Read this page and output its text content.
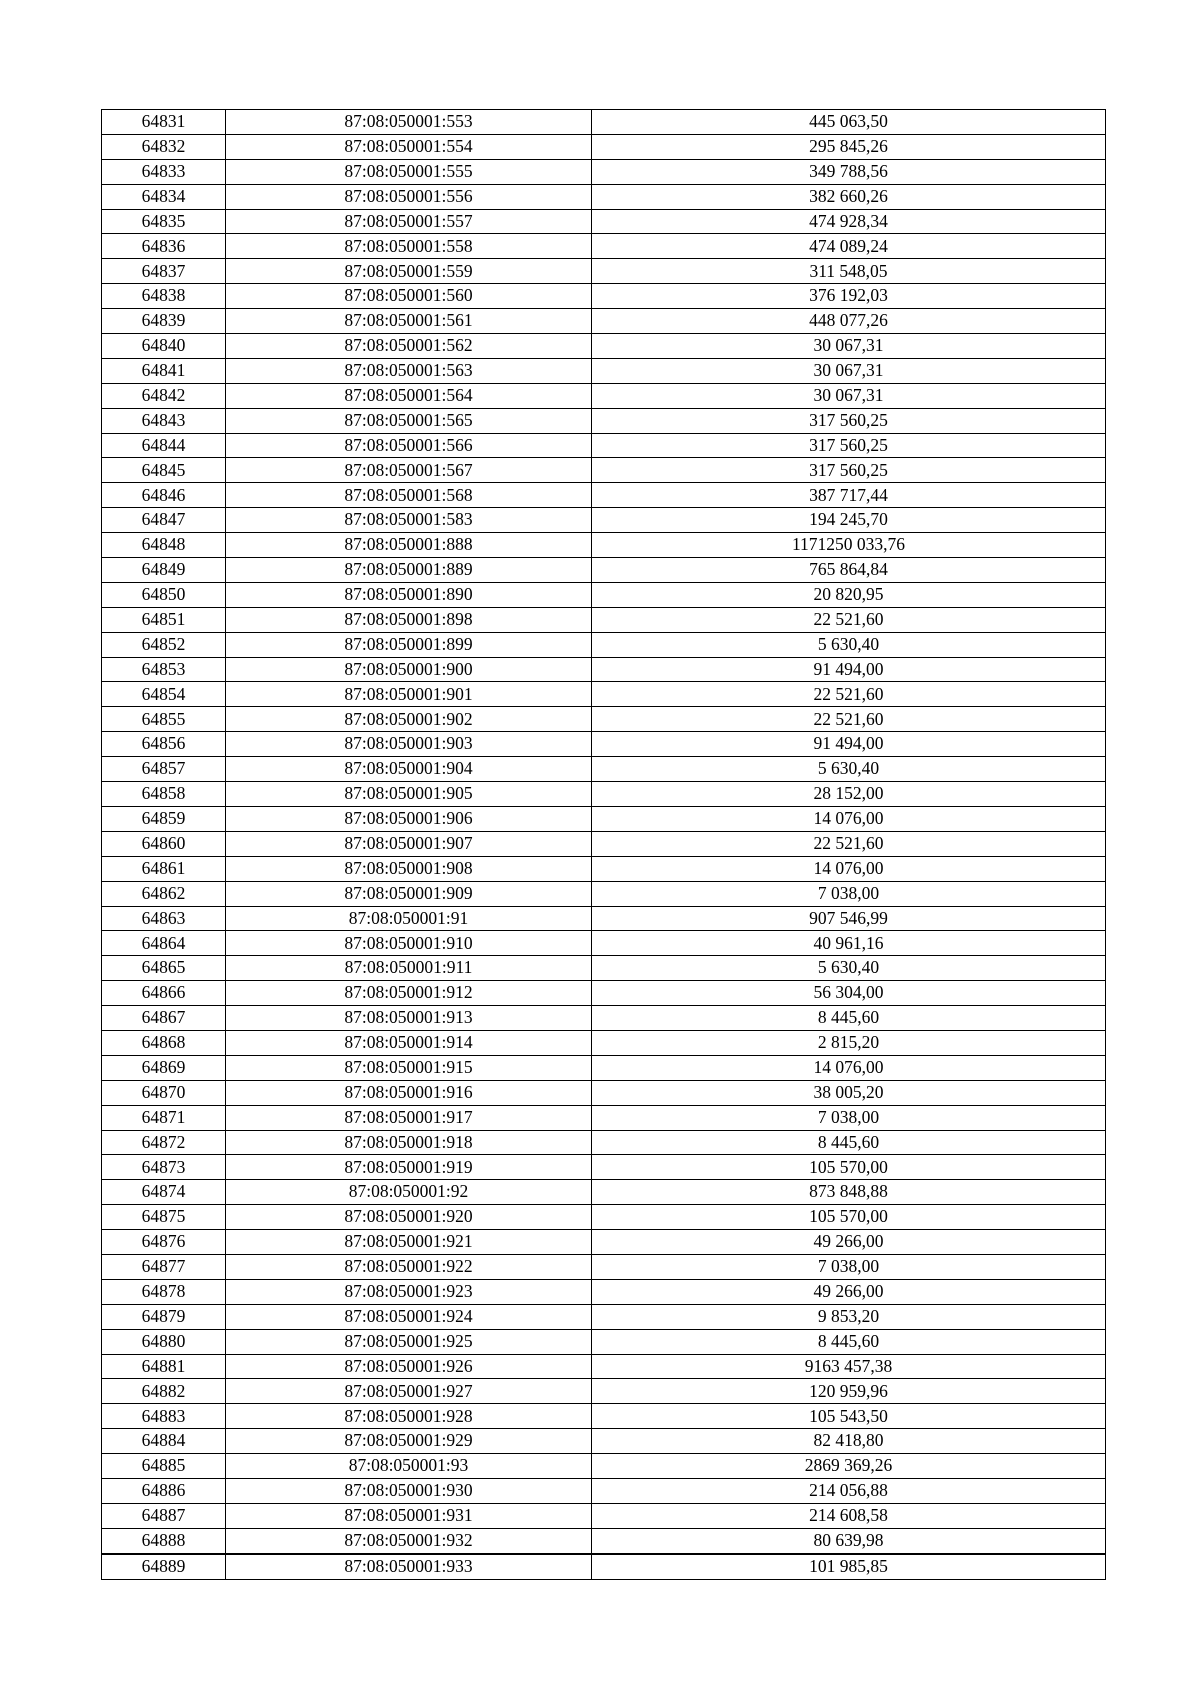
64831	87:08:050001:553	445 063,50
64832	87:08:050001:554	295 845,26
64833	87:08:050001:555	349 788,56
64834	87:08:050001:556	382 660,26
64835	87:08:050001:557	474 928,34
64836	87:08:050001:558	474 089,24
64837	87:08:050001:559	311 548,05
64838	87:08:050001:560	376 192,03
64839	87:08:050001:561	448 077,26
64840	87:08:050001:562	30 067,31
64841	87:08:050001:563	30 067,31
64842	87:08:050001:564	30 067,31
64843	87:08:050001:565	317 560,25
64844	87:08:050001:566	317 560,25
64845	87:08:050001:567	317 560,25
64846	87:08:050001:568	387 717,44
64847	87:08:050001:583	194 245,70
64848	87:08:050001:888	1171250 033,76
64849	87:08:050001:889	765 864,84
64850	87:08:050001:890	20 820,95
64851	87:08:050001:898	22 521,60
64852	87:08:050001:899	5 630,40
64853	87:08:050001:900	91 494,00
64854	87:08:050001:901	22 521,60
64855	87:08:050001:902	22 521,60
64856	87:08:050001:903	91 494,00
64857	87:08:050001:904	5 630,40
64858	87:08:050001:905	28 152,00
64859	87:08:050001:906	14 076,00
64860	87:08:050001:907	22 521,60
64861	87:08:050001:908	14 076,00
64862	87:08:050001:909	7 038,00
64863	87:08:050001:91	907 546,99
64864	87:08:050001:910	40 961,16
64865	87:08:050001:911	5 630,40
64866	87:08:050001:912	56 304,00
64867	87:08:050001:913	8 445,60
64868	87:08:050001:914	2 815,20
64869	87:08:050001:915	14 076,00
64870	87:08:050001:916	38 005,20
64871	87:08:050001:917	7 038,00
64872	87:08:050001:918	8 445,60
64873	87:08:050001:919	105 570,00
64874	87:08:050001:92	873 848,88
64875	87:08:050001:920	105 570,00
64876	87:08:050001:921	49 266,00
64877	87:08:050001:922	7 038,00
64878	87:08:050001:923	49 266,00
64879	87:08:050001:924	9 853,20
64880	87:08:050001:925	8 445,60
64881	87:08:050001:926	9163 457,38
64882	87:08:050001:927	120 959,96
64883	87:08:050001:928	105 543,50
64884	87:08:050001:929	82 418,80
64885	87:08:050001:93	2869 369,26
64886	87:08:050001:930	214 056,88
64887	87:08:050001:931	214 608,58
64888	87:08:050001:932	80 639,98
64889	87:08:050001:933	101 985,85
